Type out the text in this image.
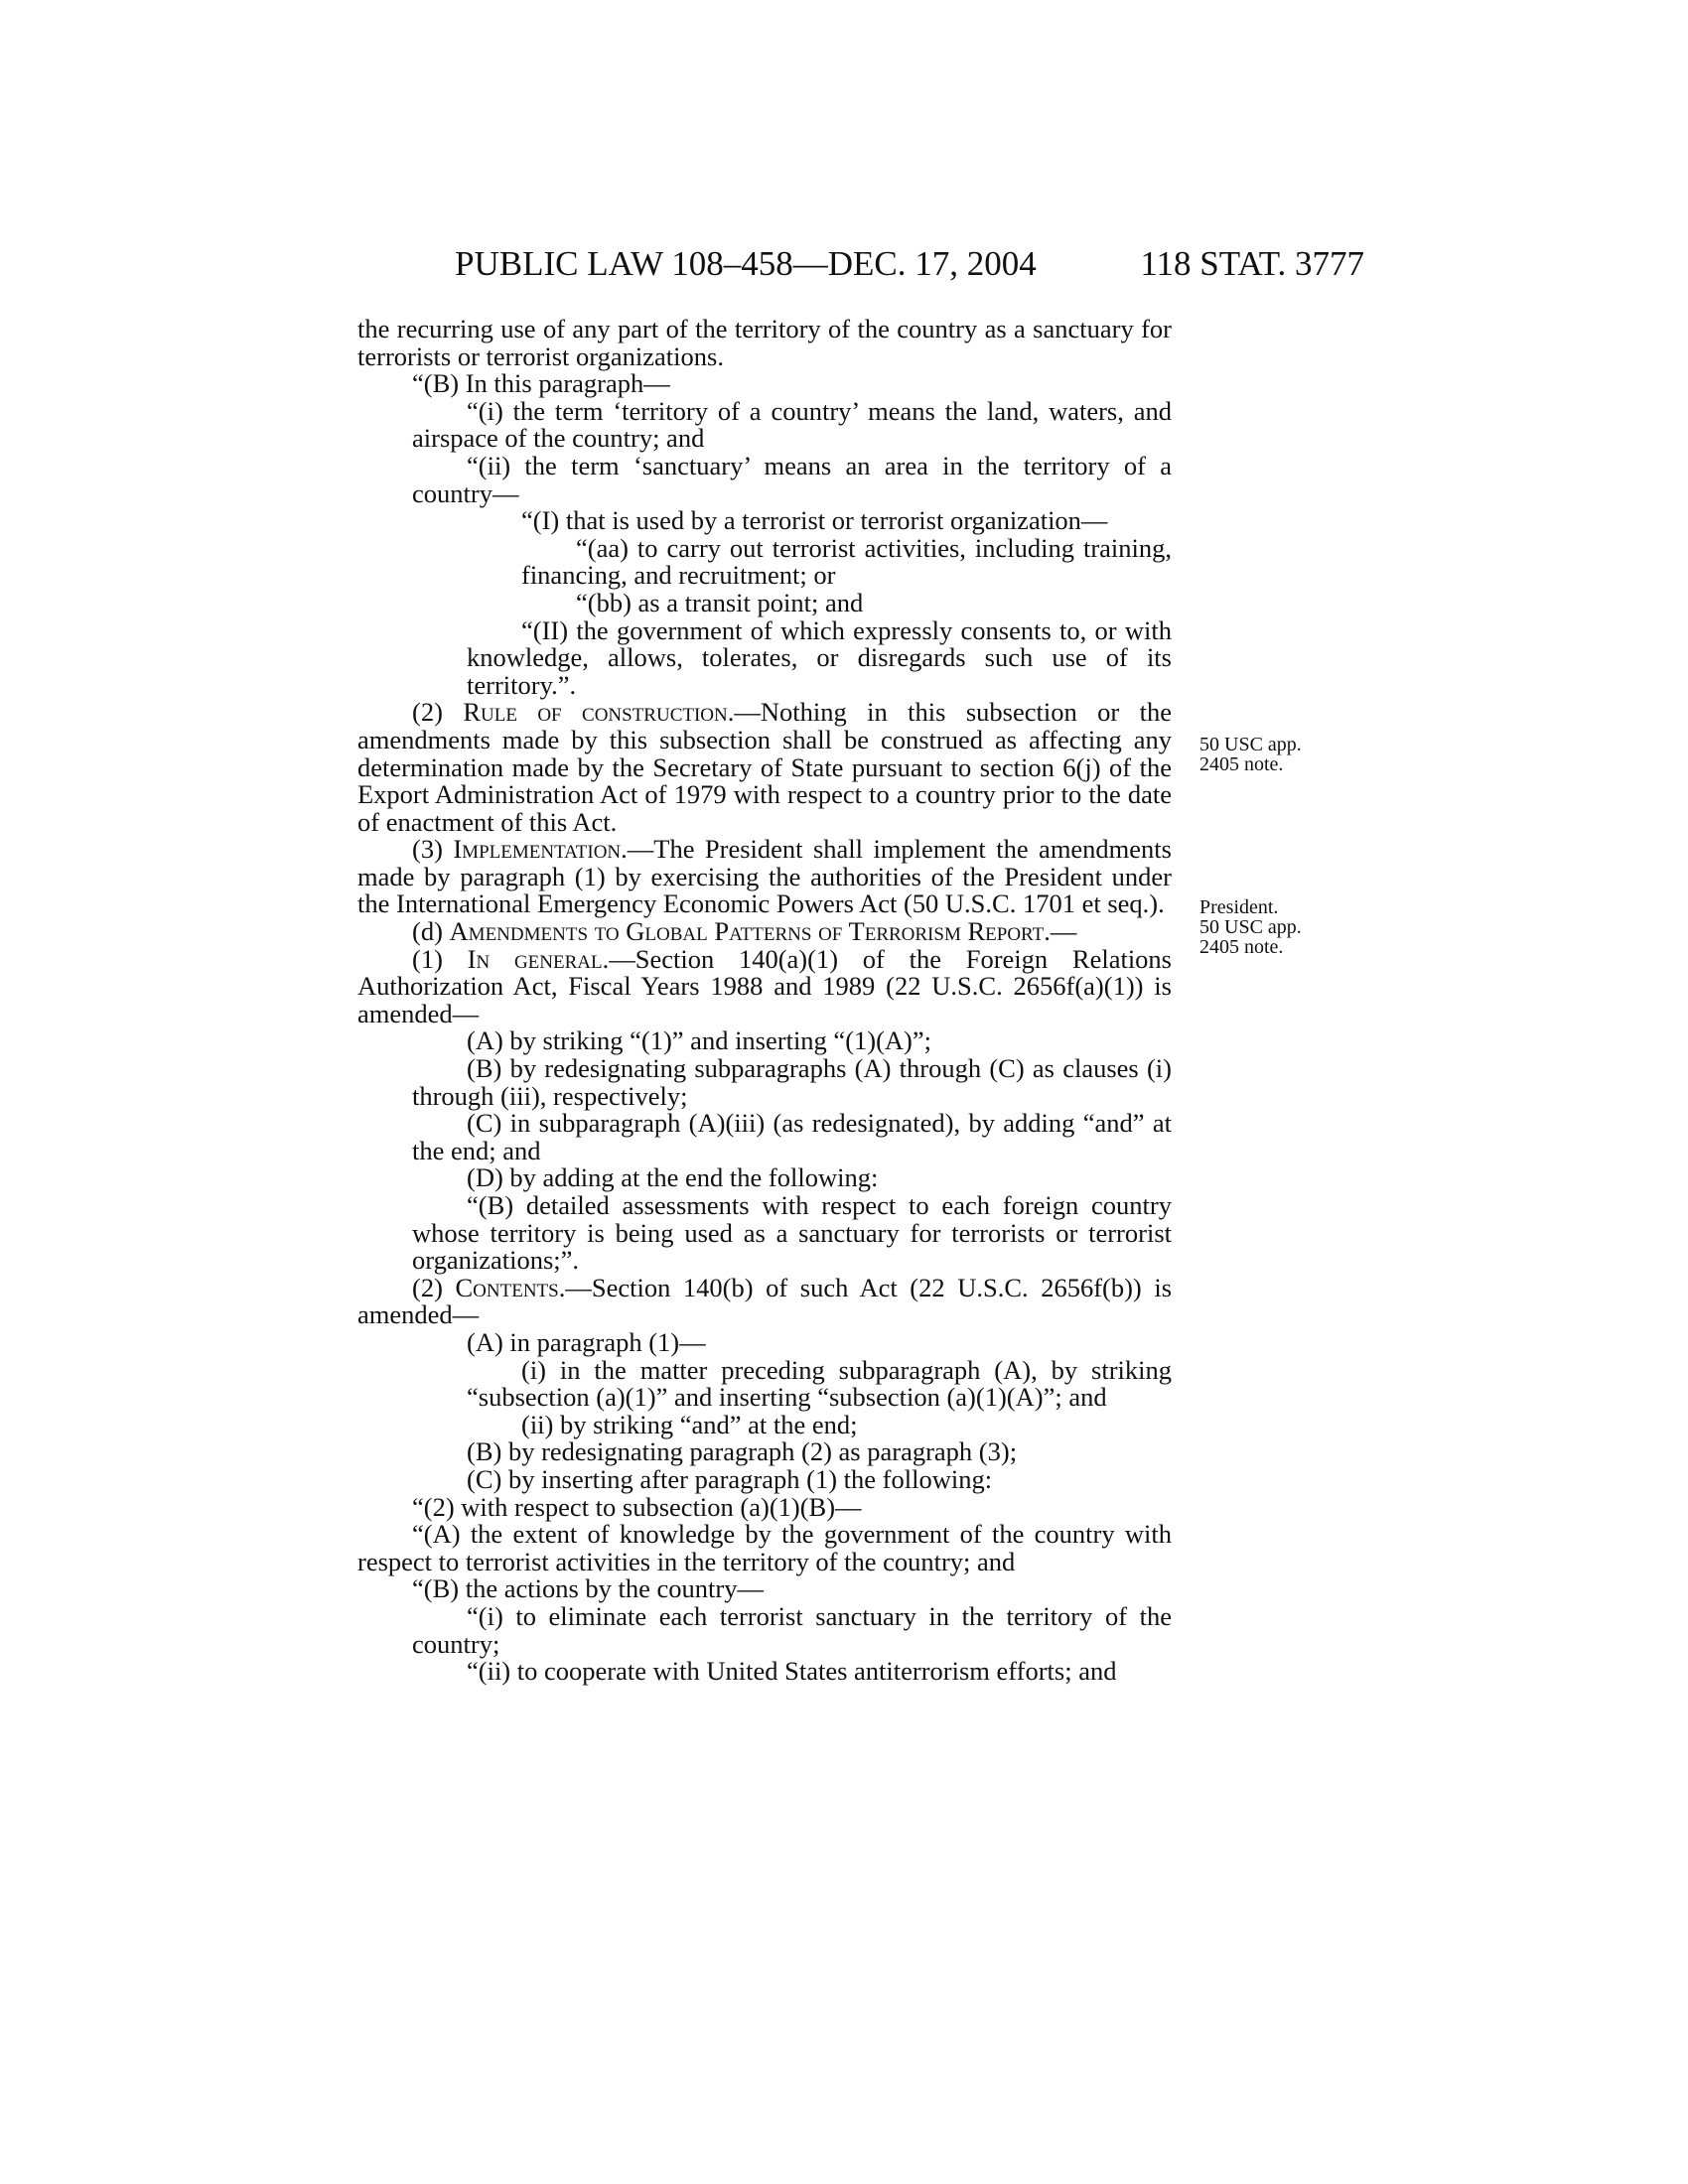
PUBLIC LAW 108–458—DEC. 17, 2004	118 STAT. 3777

the recurring use of any part of the territory of the country as a sanctuary for terrorists or terrorist organizations.

“(B) In this paragraph—

“(i) the term ‘territory of a country’ means the land, waters, and airspace of the country; and

“(ii) the term ‘sanctuary’ means an area in the territory of a country—

“(I) that is used by a terrorist or terrorist organization—

“(aa) to carry out terrorist activities, including training, financing, and recruitment; or

“(bb) as a transit point; and

“(II) the government of which expressly consents to, or with knowledge, allows, tolerates, or disregards such use of its territory.”.

(2) Rule of construction.—Nothing in this subsection or the amendments made by this subsection shall be construed as affecting any determination made by the Secretary of State pursuant to section 6(j) of the Export Administration Act of 1979 with respect to a country prior to the date of enactment of this Act.

(3) Implementation.—The President shall implement the amendments made by paragraph (1) by exercising the authorities of the President under the International Emergency Economic Powers Act (50 U.S.C. 1701 et seq.).

(d) Amendments to Global Patterns of Terrorism Report.—

(1) In general.—Section 140(a)(1) of the Foreign Relations Authorization Act, Fiscal Years 1988 and 1989 (22 U.S.C. 2656f(a)(1)) is amended—

(A) by striking “(1)” and inserting “(1)(A)”;

(B) by redesignating subparagraphs (A) through (C) as clauses (i) through (iii), respectively;

(C) in subparagraph (A)(iii) (as redesignated), by adding “and” at the end; and

(D) by adding at the end the following:

“(B) detailed assessments with respect to each foreign country whose territory is being used as a sanctuary for terrorists or terrorist organizations;”.

(2) Contents.—Section 140(b) of such Act (22 U.S.C. 2656f(b)) is amended—

(A) in paragraph (1)—

(i) in the matter preceding subparagraph (A), by striking “subsection (a)(1)” and inserting “subsection (a)(1)(A)”; and

(ii) by striking “and” at the end;

(B) by redesignating paragraph (2) as paragraph (3);

(C) by inserting after paragraph (1) the following:

“(2) with respect to subsection (a)(1)(B)—

“(A) the extent of knowledge by the government of the country with respect to terrorist activities in the territory of the country; and

“(B) the actions by the country—

“(i) to eliminate each terrorist sanctuary in the territory of the country;

“(ii) to cooperate with United States antiterrorism efforts; and

50 USC app.
2405 note.
President.
50 USC app.
2405 note.
